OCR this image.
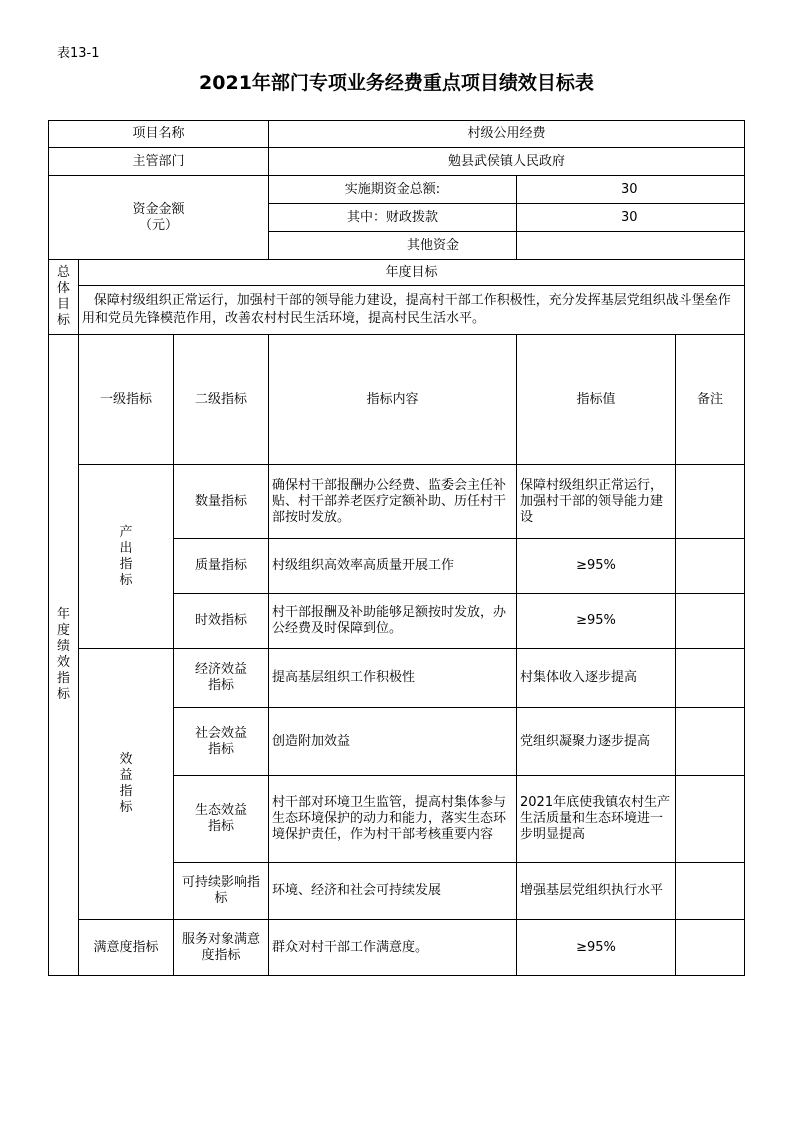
表13-1
2021年部门专项业务经费重点项目绩效目标表
项目名称			村级公用经费		
主管部门			勉县武侯镇人民政府		

资金金额
（元）			实施期资金总额:	30	
			其中：财政拨款	30	
			其他资金		

总体目标	年度目标				
	保障村级组织正常运行，加强村干部的领导能力建设，提高村干部工作积极性，充分发挥基层党组织战斗堡垒作用和党员先锋模范作用，改善农村村民生活环境，提高村民生活水平。				

年度绩效指标	一级指标	二级指标	指标内容	指标值	备注

	产出指标	数量指标	确保村干部报酬办公经费、监委会主任补贴、村干部养老医疗定额补助、历任村干部按时发放。	保障村级组织正常运行，加强村干部的领导能力建设	
		质量指标	村级组织高效率高质量开展工作	≥95%	
		时效指标	村干部报酬及补助能够足额按时发放，办公经费及时保障到位。	≥95%	

	效益指标	经济效益指标	提高基层组织工作积极性	村集体收入逐步提高	

		社会效益指标	创造附加效益	党组织凝聚力逐步提高	

		生态效益指标	村干部对环境卫生监管，提高村集体参与生态环境保护的动力和能力，落实生态环境保护责任，作为村干部考核重要内容	2021年底使我镇农村生产生活质量和生态环境进一步明显提高	

		可持续影响指标	环境、经济和社会可持续发展	增强基层党组织执行水平	
	满意度指标	服务对象满意度指标	群众对村干部工作满意度。	≥95%	
